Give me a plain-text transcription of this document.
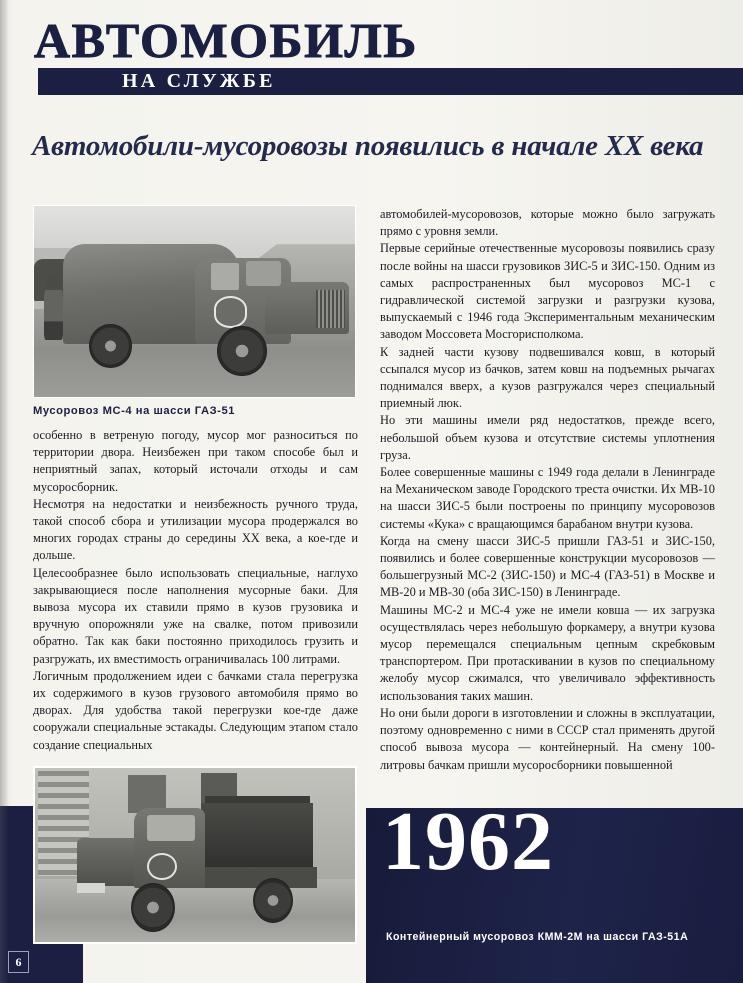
АВТОМОБИЛЬ
НА СЛУЖБЕ
Автомобили-мусоровозы появились в начале XX века
Мусоровоз МС-4 на шасси ГАЗ-51

особенно в ветреную погоду, мусор мог разноситься по территории двора. Неизбежен при таком способе был и неприятный запах, который источали отходы и сам мусоросборник.

Несмотря на недостатки и неизбежность ручного труда, такой способ сбора и утилизации мусора продержался во многих городах страны до середины XX века, а кое-где и дольше.

Целесообразнее было использовать специальные, наглухо закрывающиеся после наполнения мусорные баки. Для вывоза мусора их ставили прямо в кузов грузовика и вручную опорожняли уже на свалке, потом привозили обратно. Так как баки постоянно приходилось грузить и разгружать, их вместимость ограничивалась 100 литрами.

Логичным продолжением идеи с бачками стала перегрузка их содержимого в кузов грузового автомобиля прямо во дворах. Для удобства такой перегрузки кое-где даже сооружали специальные эстакады. Следующим этапом стало создание специальных

автомобилей-мусоровозов, которые можно было загружать прямо с уровня земли.

Первые серийные отечественные мусоровозы появились сразу после войны на шасси грузовиков ЗИС-5 и ЗИС-150. Одним из самых распространенных был мусоровоз МС-1 с гидравлической системой загрузки и разгрузки кузова, выпускаемый с 1946 года Экспериментальным механическим заводом Моссовета Мосгорисполкома.

К задней части кузову подвешивался ковш, в который ссыпался мусор из бачков, затем ковш на подъемных рычагах поднимался вверх, а кузов разгружался через специальный приемный люк.

Но эти машины имели ряд недостатков, прежде всего, небольшой объем кузова и отсутствие системы уплотнения груза.

Более совершенные машины с 1949 года делали в Ленинграде на Механическом заводе Городского треста очистки. Их МВ-10 на шасси ЗИС-5 были построены по принципу мусоровозов системы «Кука» с вращающимся барабаном внутри кузова.

Когда на смену шасси ЗИС-5 пришли ГАЗ-51 и ЗИС-150, появились и более совершенные конструкции мусоровозов — большегрузный МС-2 (ЗИС-150) и МС-4 (ГАЗ-51) в Москве и МВ-20 и МВ-30 (оба ЗИС-150) в Ленинграде.

Машины МС-2 и МС-4 уже не имели ковша — их загрузка осуществлялась через небольшую форкамеру, а внутри кузова мусор перемещался специальным цепным скребковым транспортером. При протаскивании в кузов по специальному желобу мусор сжимался, что увеличивало эффективность использования таких машин.

Но они были дороги в изготовлении и сложны в эксплуатации, поэтому одновременно с ними в СССР стал применять другой способ вывоза мусора — контейнерный. На смену 100-литровы бачкам пришли мусоросборники повышенной

1962
Контейнерный мусоровоз КММ-2М на шасси ГАЗ-51А
6
